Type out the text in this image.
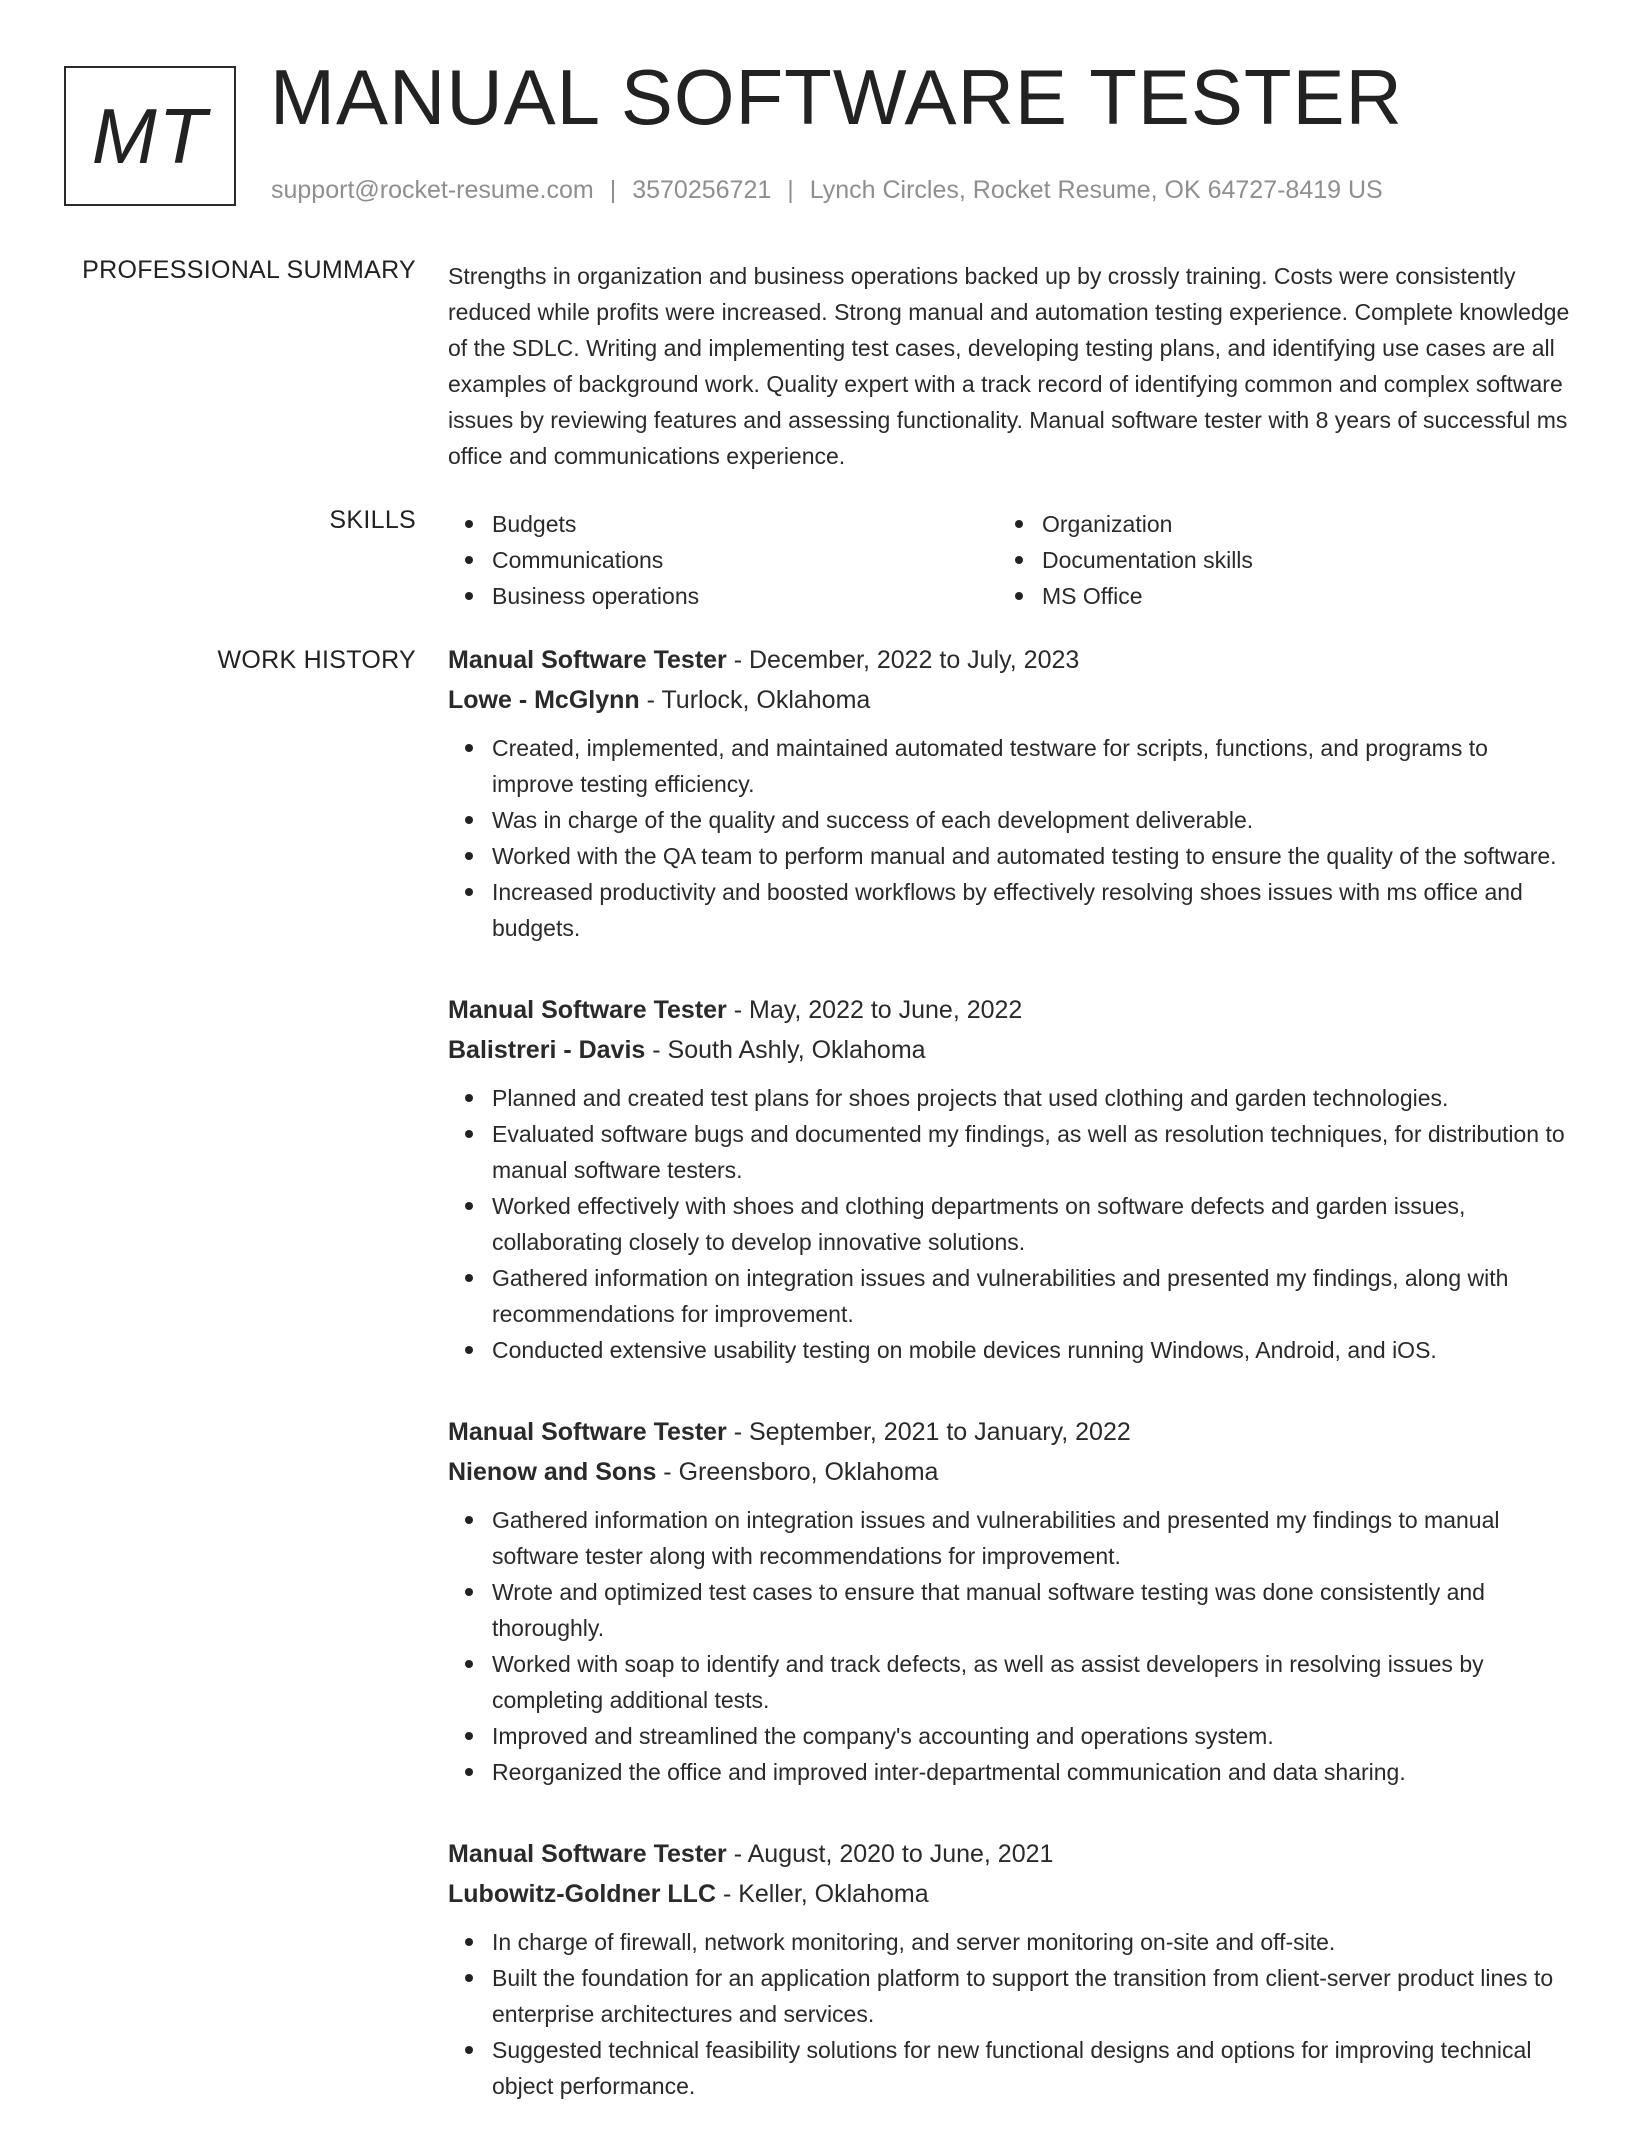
MT MANUAL SOFTWARE TESTER
support@rocket-resume.com | 3570256721 | Lynch Circles, Rocket Resume, OK 64727-8419 US
PROFESSIONAL SUMMARY Strengths in organization and business operations backed up by crossly training. Costs were consistently reduced while profits were increased. Strong manual and automation testing experience. Complete knowledge of the SDLC. Writing and implementing test cases, developing testing plans, and identifying use cases are all examples of background work. Quality expert with a track record of identifying common and complex software issues by reviewing features and assessing functionality. Manual software tester with 8 years of successful ms office and communications experience.

SKILLS	Budgets	Organization
Communications	Documentation skills
Business operations	MS Office
WORK HISTORY Manual Software Tester - December, 2022 to July, 2023
Lowe - McGlynn - Turlock, Oklahoma
Created, implemented, and maintained automated testware for scripts, functions, and programs to improve testing efficiency.
Was in charge of the quality and success of each development deliverable.
Worked with the QA team to perform manual and automated testing to ensure the quality of the software.
Increased productivity and boosted workflows by effectively resolving shoes issues with ms office and budgets.
Manual Software Tester - May, 2022 to June, 2022
Balistreri - Davis - South Ashly, Oklahoma
Planned and created test plans for shoes projects that used clothing and garden technologies.
Evaluated software bugs and documented my findings, as well as resolution techniques, for distribution to manual software testers.
Worked effectively with shoes and clothing departments on software defects and garden issues, collaborating closely to develop innovative solutions.
Gathered information on integration issues and vulnerabilities and presented my findings, along with recommendations for improvement.
Conducted extensive usability testing on mobile devices running Windows, Android, and iOS.
Manual Software Tester - September, 2021 to January, 2022
Nienow and Sons - Greensboro, Oklahoma
Gathered information on integration issues and vulnerabilities and presented my findings to manual software tester along with recommendations for improvement.
Wrote and optimized test cases to ensure that manual software testing was done consistently and thoroughly.
Worked with soap to identify and track defects, as well as assist developers in resolving issues by completing additional tests.
Improved and streamlined the company's accounting and operations system.
Reorganized the office and improved inter-departmental communication and data sharing.
Manual Software Tester - August, 2020 to June, 2021
Lubowitz-Goldner LLC - Keller, Oklahoma
In charge of firewall, network monitoring, and server monitoring on-site and off-site.
Built the foundation for an application platform to support the transition from client-server product lines to enterprise architectures and services.
Suggested technical feasibility solutions for new functional designs and options for improving technical object performance.
